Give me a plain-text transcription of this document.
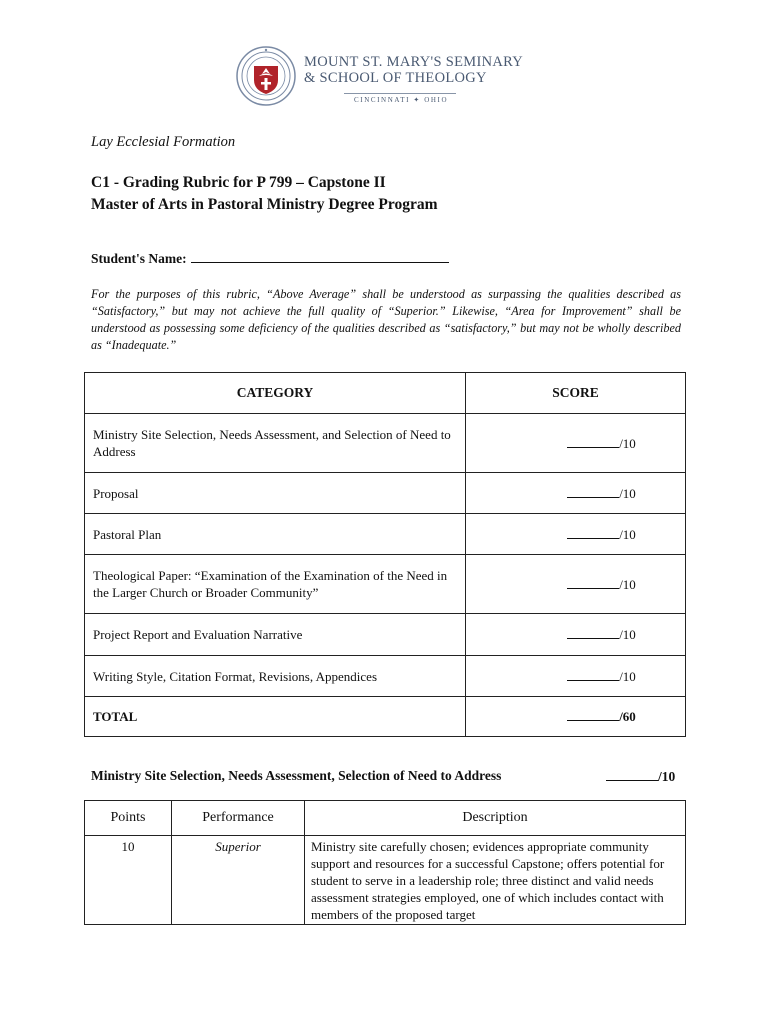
MOUNT ST. MARY'S SEMINARY
& SCHOOL OF THEOLOGY
CINCINNATI ✦ OHIO
Lay Ecclesial Formation
C1 - Grading Rubric for P 799 – Capstone II
Master of Arts in Pastoral Ministry Degree Program
Student's Name:
For the purposes of this rubric, “Above Average” shall be understood as surpassing the qualities described as “Satisfactory,” but may not achieve the full quality of “Superior.” Likewise, “Area for Improvement” shall be understood as possessing some deficiency of the qualities described as “satisfactory,” but may not be wholly described as “Inadequate.”
CATEGORY	SCORE
Ministry Site Selection, Needs Assessment, and Selection of Need to Address	/10
Proposal	/10
Pastoral Plan	/10
Theological Paper: “Examination of the Examination of the Need in the Larger Church or Broader Community”	/10
Project Report and Evaluation Narrative	/10
Writing Style, Citation Format, Revisions, Appendices	/10
TOTAL	/60
Ministry Site Selection, Needs Assessment, Selection of Need to Address	/10
Points	Performance	Description
10	Superior	Ministry site carefully chosen; evidences appropriate community support and resources for a successful Capstone; offers potential for student to serve in a leadership role; three distinct and valid needs assessment strategies employed, one of which includes contact with members of the proposed target
